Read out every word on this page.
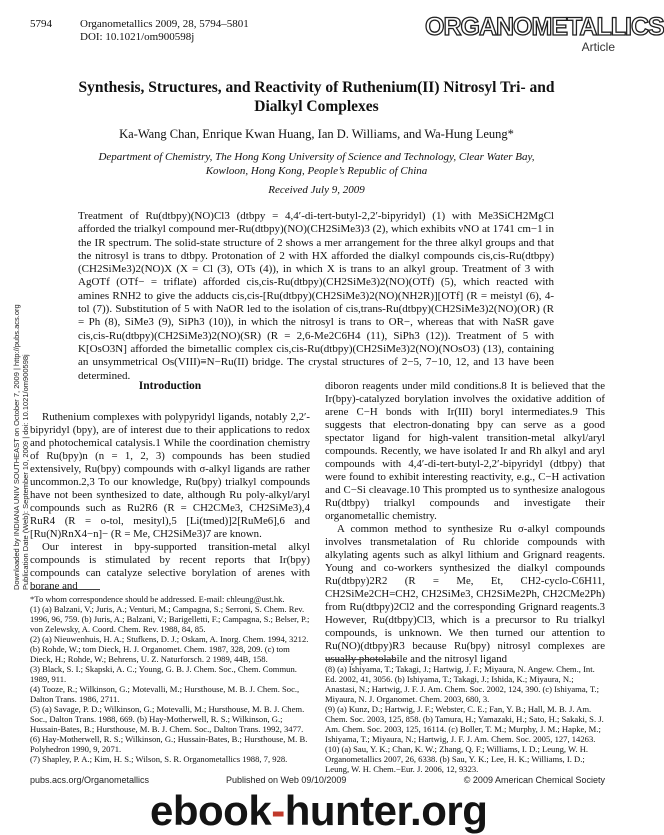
5794	Organometallics 2009, 28, 5794–5801
DOI: 10.1021/om900598j	ORGANOMETALLICS
Article
Synthesis, Structures, and Reactivity of Ruthenium(II) Nitrosyl Tri- and Dialkyl Complexes
Ka-Wang Chan, Enrique Kwan Huang, Ian D. Williams, and Wa-Hung Leung*
Department of Chemistry, The Hong Kong University of Science and Technology, Clear Water Bay, Kowloon, Hong Kong, People’s Republic of China
Received July 9, 2009
Treatment of Ru(dtbpy)(NO)Cl3 (dtbpy = 4,4′-di-tert-butyl-2,2′-bipyridyl) (1) with Me3SiCH2MgCl afforded the trialkyl compound mer-Ru(dtbpy)(NO)(CH2SiMe3)3 (2), which exhibits νNO at 1741 cm−1 in the IR spectrum. The solid-state structure of 2 shows a mer arrangement for the three alkyl groups and that the nitrosyl is trans to dtbpy. Protonation of 2 with HX afforded the dialkyl compounds cis,cis-Ru(dtbpy)(CH2SiMe3)2(NO)X (X = Cl (3), OTs (4)), in which X is trans to an alkyl group. Treatment of 3 with AgOTf (OTf− = triflate) afforded cis,cis-Ru(dtbpy)(CH2SiMe3)2(NO)(OTf) (5), which reacted with amines RNH2 to give the adducts cis,cis-[Ru(dtbpy)(CH2SiMe3)2(NO)(NH2R)][OTf] (R = meistyl (6), 4-tol (7)). Substitution of 5 with NaOR led to the isolation of cis,trans-Ru(dtbpy)(CH2SiMe3)2(NO)(OR) (R = Ph (8), SiMe3 (9), SiPh3 (10)), in which the nitrosyl is trans to OR−, whereas that with NaSR gave cis,cis-Ru(dtbpy)(CH2SiMe3)2(NO)(SR) (R = 2,6-Me2C6H4 (11), SiPh3 (12)). Treatment of 5 with K[OsO3N] afforded the bimetallic complex cis,cis-Ru(dtbpy)(CH2SiMe3)2(NO)(NOsO3) (13), containing an unsymmetrical Os(VIII)≡N−Ru(II) bridge. The crystal structures of 2−5, 7−10, 12, and 13 have been determined.
Downloaded by INDIANA UNIV SOUTHEAST on October 7, 2009 | http://pubs.acs.org Publication Date (Web): September 10, 2009 | doi: 10.1021/om900598j	Introduction

Ruthenium complexes with polypyridyl ligands, notably 2,2′-bipyridyl (bpy), are of interest due to their applications to redox and photochemical catalysis.1 While the coordination chemistry of Ru(bpy)n (n = 1, 2, 3) compounds has been studied extensively, Ru(bpy) compounds with σ-alkyl ligands are rather uncommon.2,3 To our knowledge, Ru(bpy) trialkyl compounds have not been synthesized to date, although Ru poly-alkyl/aryl compounds such as Ru2R6 (R = CH2CMe3, CH2SiMe3),4 RuR4 (R = o-tol, mesityl),5 [Li(tmed)]2[RuMe6],6 and [Ru(N)RnX4−n]− (R = Me, CH2SiMe3)7 are known.

Our interest in bpy-supported transition-metal alkyl compounds is stimulated by recent reports that Ir(bpy) compounds can catalyze selective borylation of arenes with borane and

diboron reagents under mild conditions.8 It is believed that the Ir(bpy)-catalyzed borylation involves the oxidative addition of arene C−H bonds with Ir(III) boryl intermediates.9 This suggests that electron-donating bpy can serve as a good spectator ligand for high-valent transition-metal alkyl/aryl compounds. Recently, we have isolated Ir and Rh alkyl and aryl compounds with 4,4′-di-tert-butyl-2,2′-bipyridyl (dtbpy) that were found to exhibit interesting reactivity, e.g., C−H activation and C−Si cleavage.10 This prompted us to synthesize analogous Ru(dtbpy) trialkyl compounds and investigate their organometallic chemistry.

A common method to synthesize Ru σ-alkyl compounds involves transmetalation of Ru chloride compounds with alkylating agents such as alkyl lithium and Grignard reagents. Young and co-workers synthesized the dialkyl compounds Ru(dtbpy)2R2 (R = Me, Et, CH2-cyclo-C6H11, CH2SiMe2CH=CH2, CH2SiMe3, CH2SiMe2Ph, CH2CMe2Ph) from Ru(dtbpy)2Cl2 and the corresponding Grignard reagents.3 However, Ru(dtbpy)Cl3, which is a precursor to Ru trialkyl compounds, is unknown. We then turned our attention to Ru(NO)(dtbpy)R3 because Ru(bpy) nitrosyl complexes are usually photolabile and the nitrosyl ligand

*To whom correspondence should be addressed. E-mail: chleung@ust.hk.

(1) (a) Balzani, V.; Juris, A.; Venturi, M.; Campagna, S.; Serroni, S. Chem. Rev. 1996, 96, 759. (b) Juris, A.; Balzani, V.; Barigelletti, F.; Campagna, S.; Belser, P.; von Zelewsky, A. Coord. Chem. Rev. 1988, 84, 85.

(2) (a) Nieuwenhuis, H. A.; Stufkens, D. J.; Oskam, A. Inorg. Chem. 1994, 3212. (b) Rohde, W.; tom Dieck, H. J. Organomet. Chem. 1987, 328, 209. (c) tom Dieck, H.; Rohde, W.; Behrens, U. Z. Naturforsch. 2 1989, 44B, 158.

(3) Black, S. I.; Skapski, A. C.; Young, G. B. J. Chem. Soc., Chem. Commun. 1989, 911.

(4) Tooze, R.; Wilkinson, G.; Motevalli, M.; Hursthouse, M. B. J. Chem. Soc., Dalton Trans. 1986, 2711.

(5) (a) Savage, P. D.; Wilkinson, G.; Motevalli, M.; Hursthouse, M. B. J. Chem. Soc., Dalton Trans. 1988, 669. (b) Hay-Motherwell, R. S.; Wilkinson, G.; Hussain-Bates, B.; Hursthouse, M. B. J. Chem. Soc., Dalton Trans. 1992, 3477.

(6) Hay-Motherwell, R. S.; Wilkinson, G.; Hussain-Bates, B.; Hursthouse, M. B. Polyhedron 1990, 9, 2071.

(7) Shapley, P. A.; Kim, H. S.; Wilson, S. R. Organometallics 1988, 7, 928.

(8) (a) Ishiyama, T.; Takagi, J.; Hartwig, J. F.; Miyaura, N. Angew. Chem., Int. Ed. 2002, 41, 3056. (b) Ishiyama, T.; Takagi, J.; Ishida, K.; Miyaura, N.; Anastasi, N.; Hartwig, J. F. J. Am. Chem. Soc. 2002, 124, 390. (c) Ishiyama, T.; Miyaura, N. J. Organomet. Chem. 2003, 680, 3.

(9) (a) Kunz, D.; Hartwig, J. F.; Webster, C. E.; Fan, Y. B.; Hall, M. B. J. Am. Chem. Soc. 2003, 125, 858. (b) Tamura, H.; Yamazaki, H.; Sato, H.; Sakaki, S. J. Am. Chem. Soc. 2003, 125, 16114. (c) Boller, T. M.; Murphy, J. M.; Hapke, M.; Ishiyama, T.; Miyaura, N.; Hartwig, J. F. J. Am. Chem. Soc. 2005, 127, 14263.

(10) (a) Sau, Y. K.; Chan, K. W.; Zhang, Q. F.; Williams, I. D.; Leung, W. H. Organometallics 2007, 26, 6338. (b) Sau, Y. K.; Lee, H. K.; Williams, I. D.; Leung, W. H. Chem.−Eur. J. 2006, 12, 9323.

pubs.acs.org/Organometallics	Published on Web 09/10/2009	© 2009 American Chemical Society
ebook-hunter.org
